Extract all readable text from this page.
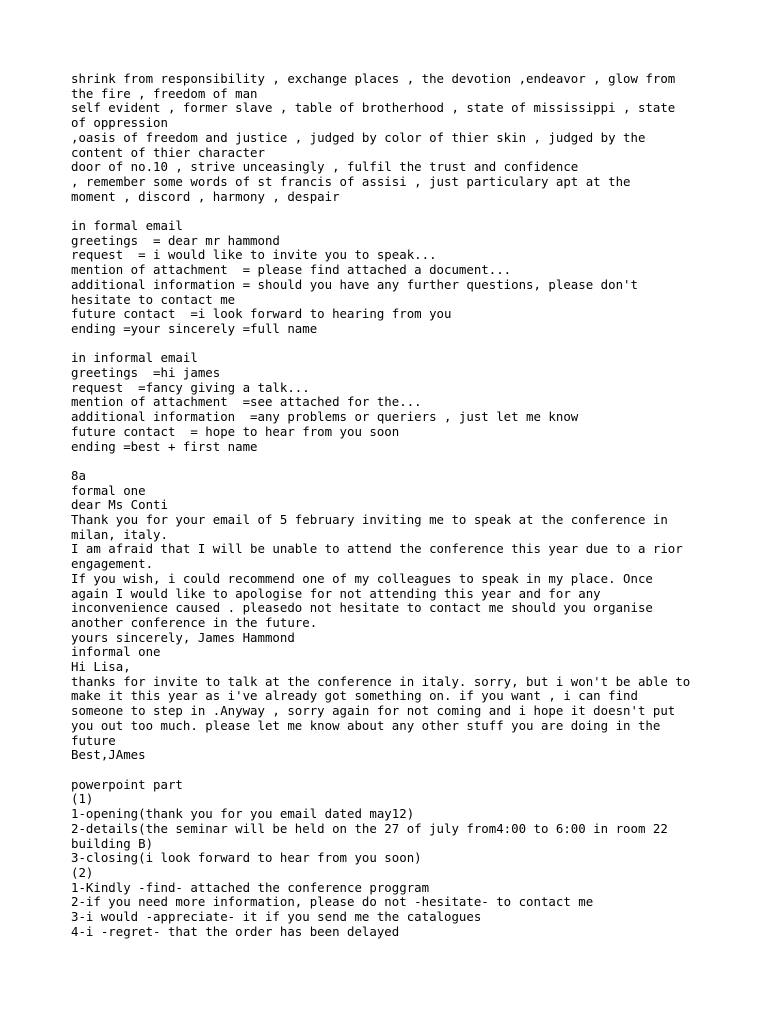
shrink from responsibility , exchange places , the devotion ,endeavor , glow from
the fire , freedom of man
self evident , former slave , table of brotherhood , state of mississippi , state
of oppression
,oasis of freedom and justice , judged by color of thier skin , judged by the
content of thier character
door of no.10 , strive unceasingly , fulfil the trust and confidence
, remember some words of st francis of assisi , just particulary apt at the
moment , discord , harmony , despair
in formal email
greetings  = dear mr hammond
request  = i would like to invite you to speak...
mention of attachment  = please find attached a document...
additional information = should you have any further questions, please don't
hesitate to contact me
future contact  =i look forward to hearing from you
ending =your sincerely =full name
in informal email
greetings  =hi james
request  =fancy giving a talk...
mention of attachment  =see attached for the...
additional information  =any problems or queriers , just let me know
future contact  = hope to hear from you soon
ending =best + first name
8a
formal one
dear Ms Conti
Thank you for your email of 5 february inviting me to speak at the conference in
milan, italy.
I am afraid that I will be unable to attend the conference this year due to a rior
engagement.
If you wish, i could recommend one of my colleagues to speak in my place. Once
again I would like to apologise for not attending this year and for any
inconvenience caused . pleasedo not hesitate to contact me should you organise
another conference in the future.
yours sincerely, James Hammond
informal one
Hi Lisa,
thanks for invite to talk at the conference in italy. sorry, but i won't be able to
make it this year as i've already got something on. if you want , i can find
someone to step in .Anyway , sorry again for not coming and i hope it doesn't put
you out too much. please let me know about any other stuff you are doing in the
future
Best,JAmes
powerpoint part
(1)
1-opening(thank you for you email dated may12)
2-details(the seminar will be held on the 27 of july from4:00 to 6:00 in room 22
building B)
3-closing(i look forward to hear from you soon)
(2)
1-Kindly -find- attached the conference proggram
2-if you need more information, please do not -hesitate- to contact me
3-i would -appreciate- it if you send me the catalogues
4-i -regret- that the order has been delayed
